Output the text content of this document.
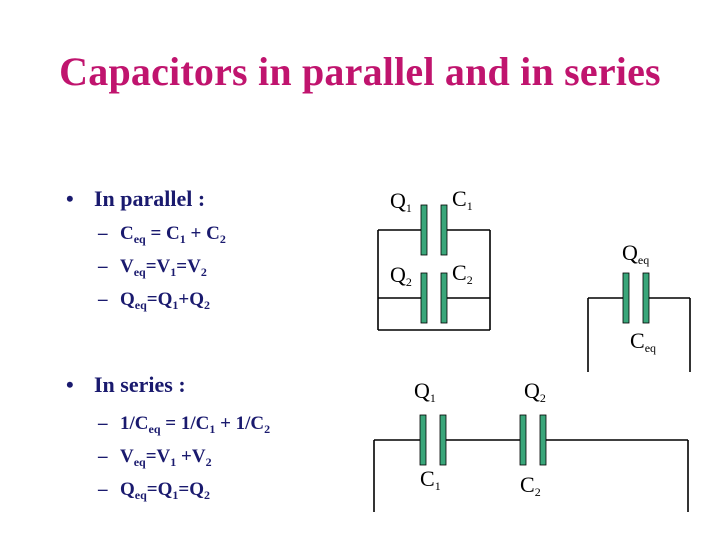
Capacitors in parallel and in series
• In parallel :
– $C_{eq} = C_1 + C_2$
– $V_{eq}=V_1=V_2$
– $Q_{eq}=Q_1+Q_2$
• In series :
– $1/C_{eq} = 1/C_1 + 1/C_2$
– $V_{eq}=V_1 +V_2$
– $Q_{eq}=Q_1=Q_2$
$Q_1$ $C_1$
$Q_2$ $C_2$
$Q_{eq}$
$C_{eq}$
$Q_1$	$Q_2$
$C_1$	$C_2$
